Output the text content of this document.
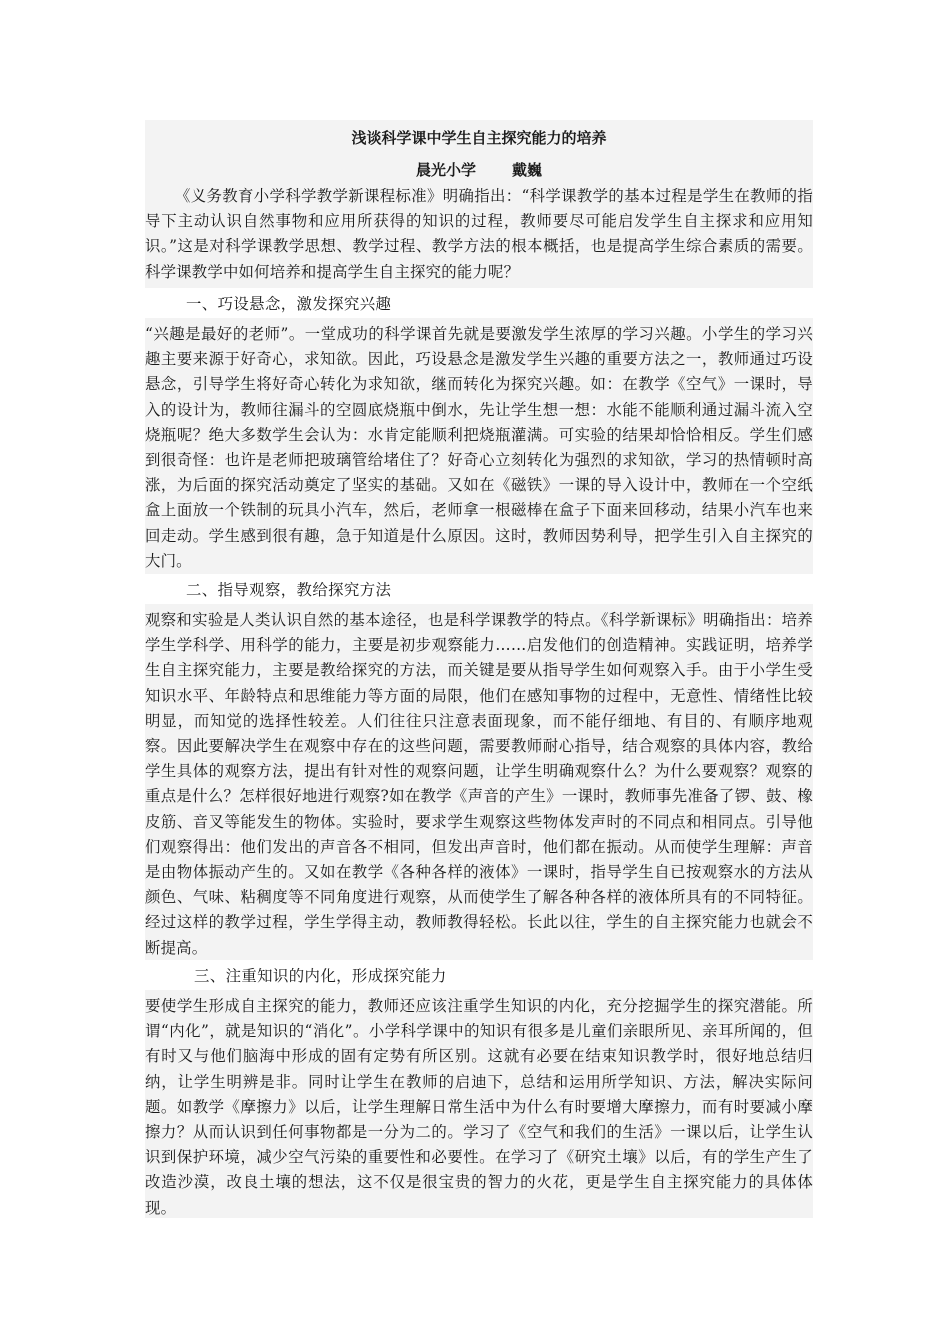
浅谈科学课中学生自主探究能力的培养
晨光小学 戴巍

《义务教育小学科学教学新课程标准》明确指出：“科学课教学的基本过程是学生在教师的指导下主动认识自然事物和应用所获得的知识的过程，教师要尽可能启发学生自主探求和应用知识。”这是对科学课教学思想、教学过程、教学方法的根本概括，也是提高学生综合素质的需要。科学课教学中如何培养和提高学生自主探究的能力呢？

一、巧设悬念，激发探究兴趣

“兴趣是最好的老师”。一堂成功的科学课首先就是要激发学生浓厚的学习兴趣。小学生的学习兴趣主要来源于好奇心，求知欲。因此，巧设悬念是激发学生兴趣的重要方法之一，教师通过巧设悬念，引导学生将好奇心转化为求知欲，继而转化为探究兴趣。如：在教学《空气》一课时，导入的设计为，教师往漏斗的空圆底烧瓶中倒水，先让学生想一想：水能不能顺利通过漏斗流入空烧瓶呢？绝大多数学生会认为：水肯定能顺利把烧瓶灌满。可实验的结果却恰恰相反。学生们感到很奇怪：也许是老师把玻璃管给堵住了？好奇心立刻转化为强烈的求知欲，学习的热情顿时高涨，为后面的探究活动奠定了坚实的基础。又如在《磁铁》一课的导入设计中，教师在一个空纸盒上面放一个铁制的玩具小汽车，然后，老师拿一根磁棒在盒子下面来回移动，结果小汽车也来回走动。学生感到很有趣，急于知道是什么原因。这时，教师因势利导，把学生引入自主探究的大门。

二、指导观察，教给探究方法

观察和实验是人类认识自然的基本途径，也是科学课教学的特点。《科学新课标》明确指出：培养学生学科学、用科学的能力，主要是初步观察能力……启发他们的创造精神。实践证明，培养学生自主探究能力，主要是教给探究的方法，而关键是要从指导学生如何观察入手。由于小学生受知识水平、年龄特点和思维能力等方面的局限，他们在感知事物的过程中，无意性、情绪性比较明显，而知觉的选择性较差。人们往往只注意表面现象，而不能仔细地、有目的、有顺序地观察。因此要解决学生在观察中存在的这些问题，需要教师耐心指导，结合观察的具体内容，教给学生具体的观察方法，提出有针对性的观察问题，让学生明确观察什么？为什么要观察？观察的重点是什么？怎样很好地进行观察?如在教学《声音的产生》一课时，教师事先准备了锣、鼓、橡皮筋、音叉等能发生的物体。实验时，要求学生观察这些物体发声时的不同点和相同点。引导他们观察得出：他们发出的声音各不相同，但发出声音时，他们都在振动。从而使学生理解：声音是由物体振动产生的。又如在教学《各种各样的液体》一课时，指导学生自已按观察水的方法从颜色、气味、粘稠度等不同角度进行观察，从而使学生了解各种各样的液体所具有的不同特征。经过这样的教学过程，学生学得主动，教师教得轻松。长此以往，学生的自主探究能力也就会不断提高。

三、注重知识的内化，形成探究能力

要使学生形成自主探究的能力，教师还应该注重学生知识的内化，充分挖掘学生的探究潜能。所谓“内化”，就是知识的“消化”。小学科学课中的知识有很多是儿童们亲眼所见、亲耳所闻的，但有时又与他们脑海中形成的固有定势有所区别。这就有必要在结束知识教学时，很好地总结归纳，让学生明辨是非。同时让学生在教师的启迪下，总结和运用所学知识、方法，解决实际问题。如教学《摩擦力》以后，让学生理解日常生活中为什么有时要增大摩擦力，而有时要减小摩擦力？从而认识到任何事物都是一分为二的。学习了《空气和我们的生活》一课以后，让学生认识到保护环境，减少空气污染的重要性和必要性。在学习了《研究土壤》以后，有的学生产生了改造沙漠，改良土壤的想法，这不仅是很宝贵的智力的火花，更是学生自主探究能力的具体体现。
